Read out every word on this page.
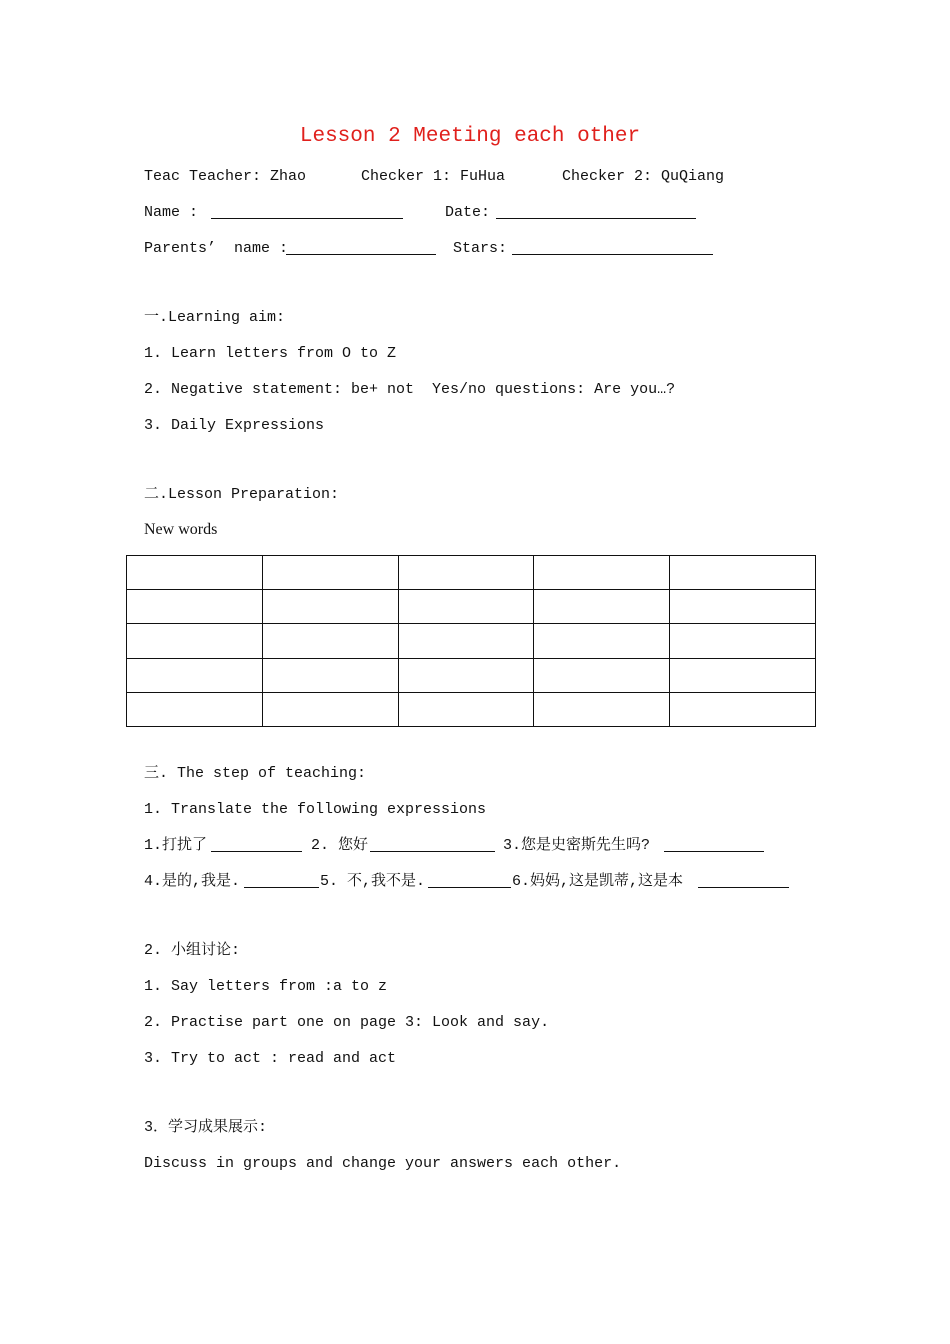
Lesson 2 Meeting each other
Teac Teacher: Zhao	Checker 1: FuHua	Checker 2: QuQiang
Name :	Date:
Parents’  name :	Stars:
一.Learning aim:
1. Learn letters from O to Z
2. Negative statement: be+ not  Yes/no questions: Are you…?
3. Daily Expressions
二.Lesson Preparation:
New words

三. The step of teaching:
1. Translate the following expressions
1.打扰了	2. 您好	3.您是史密斯先生吗?
4.是的,我是.	5. 不,我不是.	6.妈妈,这是凯蒂,这是本
2. 小组讨论:
1. Say letters from :a to z
2. Practise part one on page 3: Look and say.
3. Try to act : read and act
3．学习成果展示:
Discuss in groups and change your answers each other.
